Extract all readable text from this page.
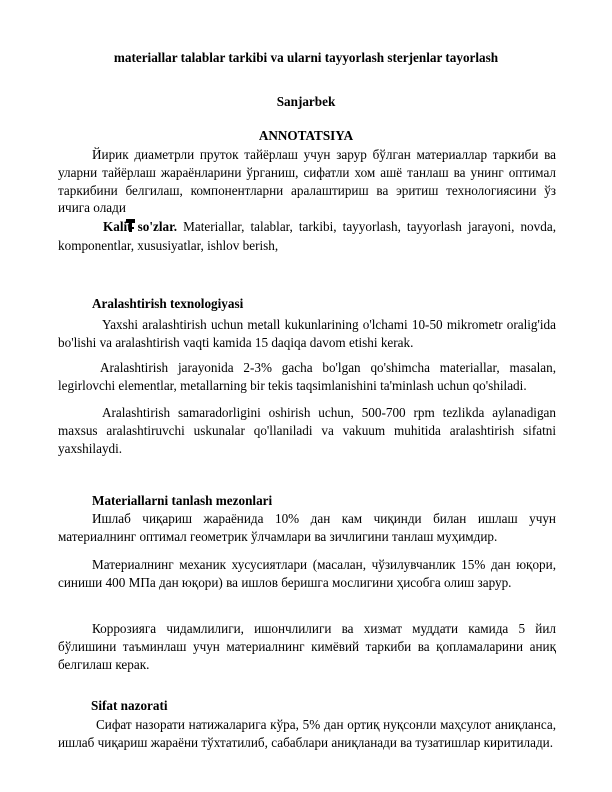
materiallar talablar tarkibi va ularni tayyorlash sterjenlar tayorlash
Sanjarbek
ANNOTATSIYA
Йирик диаметрли пруток тайёрлаш учун зарур бўлган материаллар таркиби ва уларни тайёрлаш жараёнларини ўрганиш, сифатли хом ашё танлаш ва унинг оптимал таркибини белгилаш, компонентларни аралаштириш ва эритиш технологиясини ўз ичига олади
Kalit so'zlar. Materiallar, talablar, tarkibi, tayyorlash, tayyorlash jarayoni, novda, komponentlar, xususiyatlar, ishlov berish,
Aralashtirish texnologiyasi
Yaxshi aralashtirish uchun metall kukunlarining o'lchami 10-50 mikrometr oralig'ida bo'lishi va aralashtirish vaqti kamida 15 daqiqa davom etishi kerak.
Aralashtirish jarayonida 2-3% gacha bo'lgan qo'shimcha materiallar, masalan, legirlovchi elementlar, metallarning bir tekis taqsimlanishini ta'minlash uchun qo'shiladi.
Aralashtirish samaradorligini oshirish uchun, 500-700 rpm tezlikda aylanadigan maxsus aralashtiruvchi uskunalar qo'llaniladi va vakuum muhitida aralashtirish sifatni yaxshilaydi.
Materiallarni tanlash mezonlari
Ишлаб чиқариш жараёнида 10% дан кам чиқинди билан ишлаш учун материалнинг оптимал геометрик ўлчамлари ва зичлигини танлаш муҳимдир.
Материалнинг механик хусусиятлари (масалан, чўзилувчанлик 15% дан юқори, синиши 400 МПа дан юқори) ва ишлов беришга мослигини ҳисобга олиш зарур.
Коррозияга чидамлилиги, ишончлилиги ва хизмат муддати камида 5 йил бўлишини таъминлаш учун материалнинг кимёвий таркиби ва қопламаларини аниқ белгилаш керак.
Sifat nazorati
Сифат назорати натижаларига кўра, 5% дан ортиқ нуқсонли маҳсулот аниқланса, ишлаб чиқариш жараёни тўхтатилиб, сабаблари аниқланади ва тузатишлар киритилади.
